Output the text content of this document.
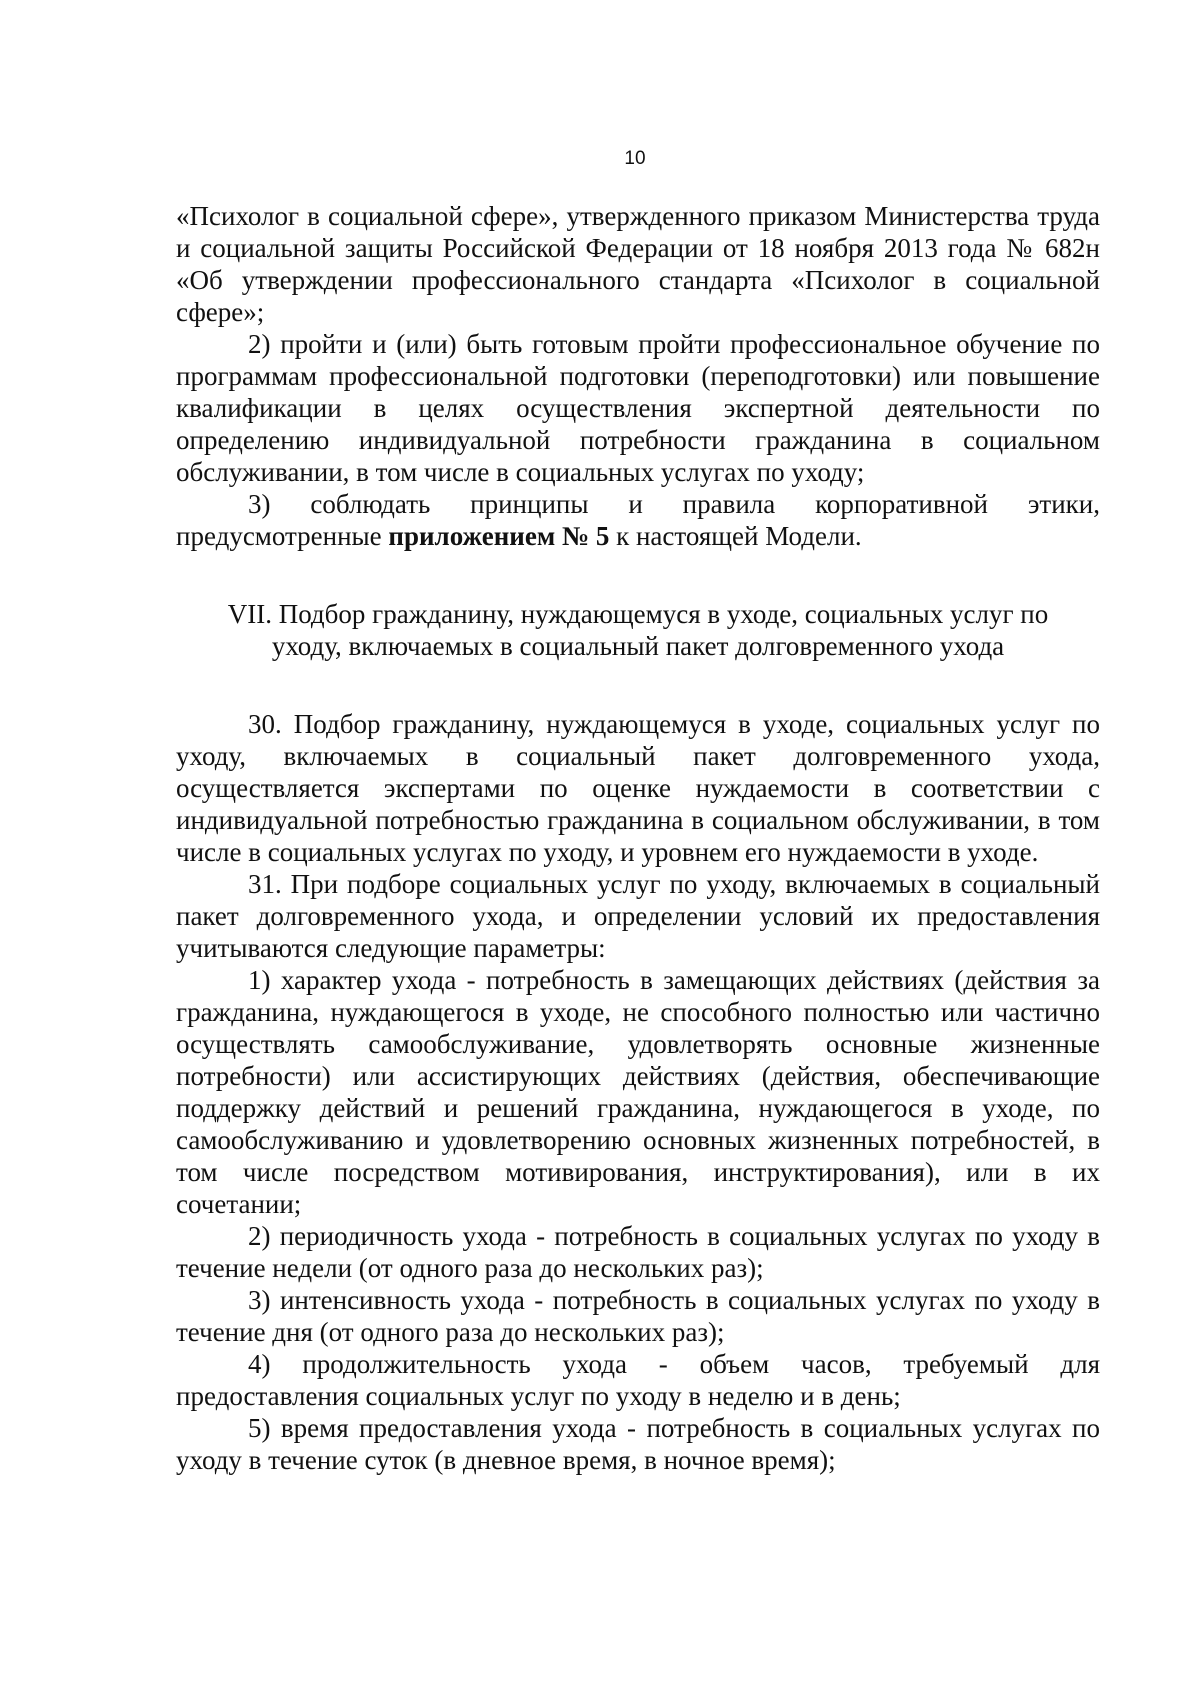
10

«Психолог в социальной сфере», утвержденного приказом Министерства труда и социальной защиты Российской Федерации от 18 ноября 2013 года № 682н «Об утверждении профессионального стандарта «Психолог в социальной сфере»;

2) пройти и (или) быть готовым пройти профессиональное обучение по программам профессиональной подготовки (переподготовки) или повышение квалификации в целях осуществления экспертной деятельности по определению индивидуальной потребности гражданина в социальном обслуживании, в том числе в социальных услугах по уходу;

3) соблюдать принципы и правила корпоративной этики, предусмотренные приложением № 5 к настоящей Модели.

VII. Подбор гражданину, нуждающемуся в уходе, социальных услуг по
уходу, включаемых в социальный пакет долговременного ухода

30. Подбор гражданину, нуждающемуся в уходе, социальных услуг по уходу, включаемых в социальный пакет долговременного ухода, осуществляется экспертами по оценке нуждаемости в соответствии с индивидуальной потребностью гражданина в социальном обслуживании, в том числе в социальных услугах по уходу, и уровнем его нуждаемости в уходе.

31. При подборе социальных услуг по уходу, включаемых в социальный пакет долговременного ухода, и определении условий их предоставления учитываются следующие параметры:

1) характер ухода - потребность в замещающих действиях (действия за гражданина, нуждающегося в уходе, не способного полностью или частично осуществлять самообслуживание, удовлетворять основные жизненные потребности) или ассистирующих действиях (действия, обеспечивающие поддержку действий и решений гражданина, нуждающегося в уходе, по самообслуживанию и удовлетворению основных жизненных потребностей, в том числе посредством мотивирования, инструктирования), или в их сочетании;

2) периодичность ухода - потребность в социальных услугах по уходу в течение недели (от одного раза до нескольких раз);

3) интенсивность ухода - потребность в социальных услугах по уходу в течение дня (от одного раза до нескольких раз);

4) продолжительность ухода - объем часов, требуемый для предоставления социальных услуг по уходу в неделю и в день;

5) время предоставления ухода - потребность в социальных услугах по уходу в течение суток (в дневное время, в ночное время);
